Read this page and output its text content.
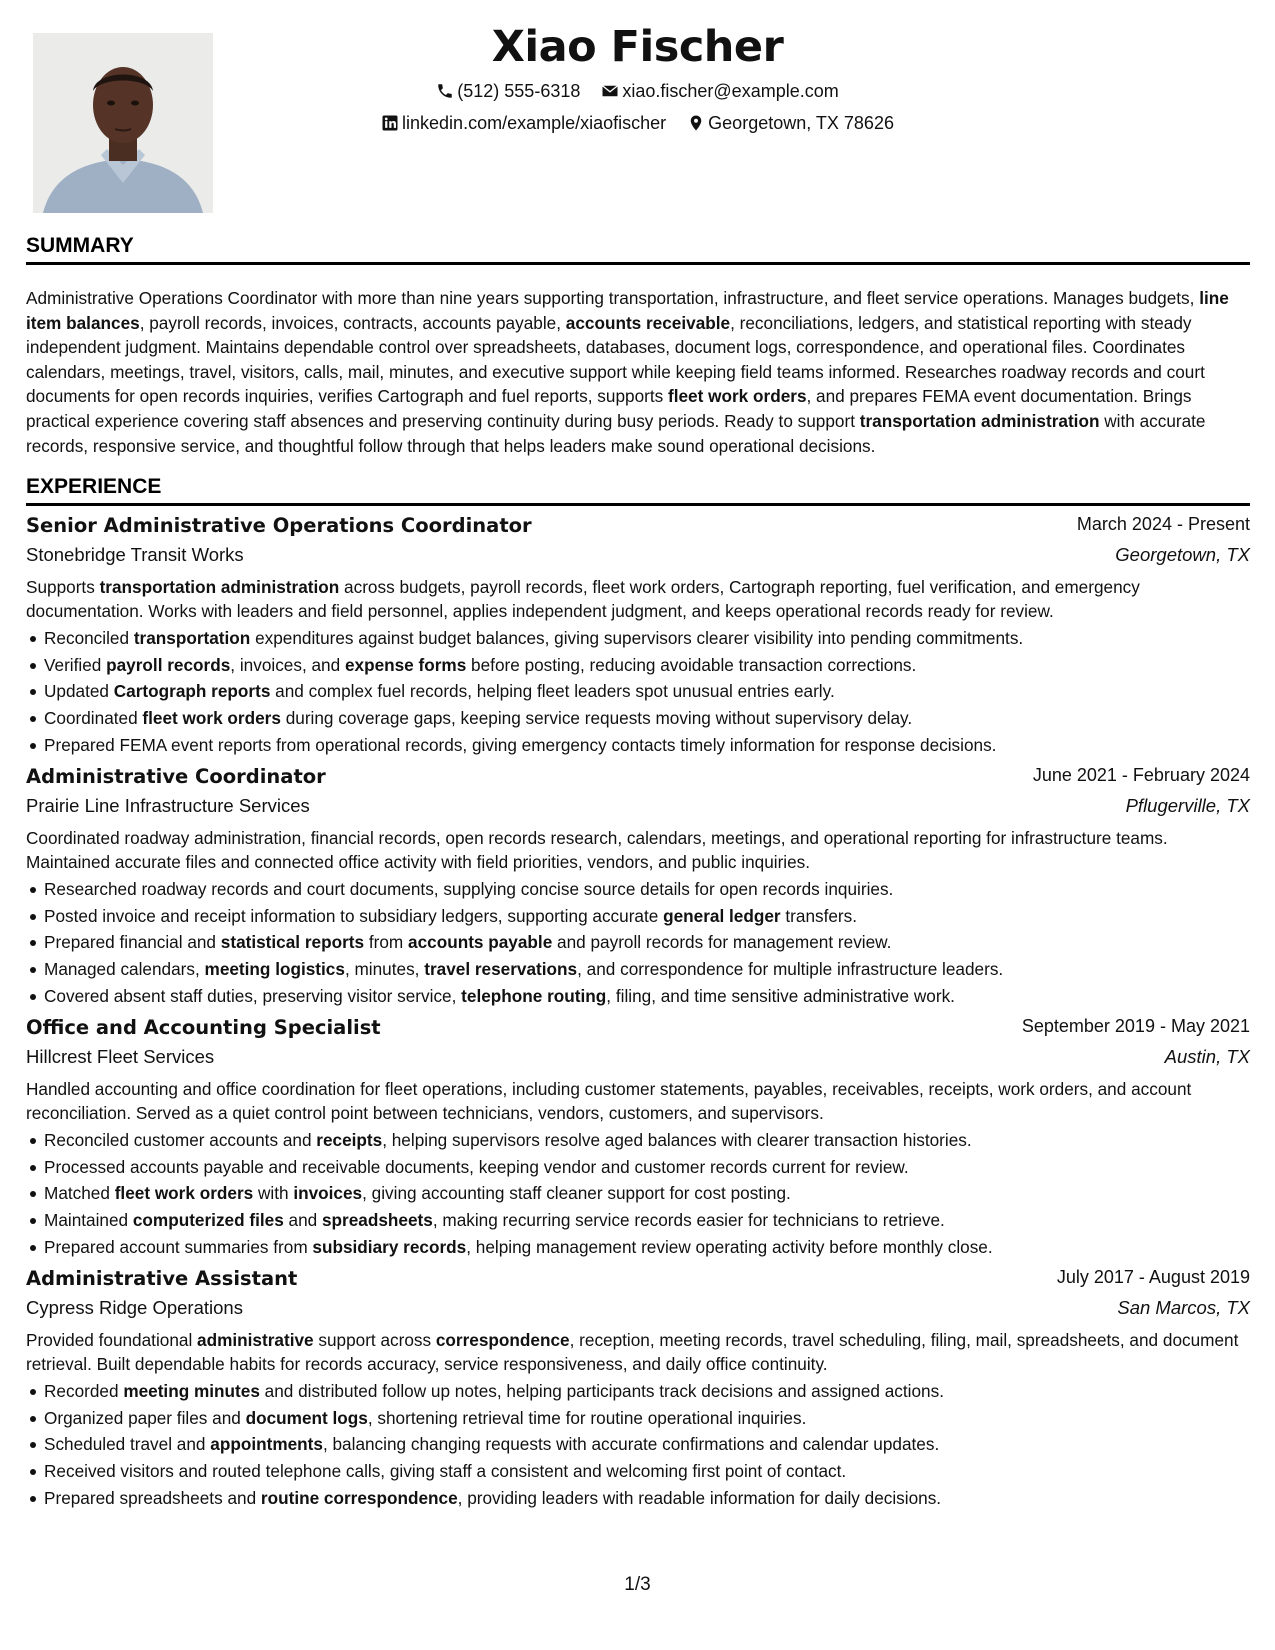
Xiao Fischer
(512) 555-6318 xiao.fischer@example.com
linkedin.com/example/xiaofischer Georgetown, TX 78626
SUMMARY
Administrative Operations Coordinator with more than nine years supporting transportation, infrastructure, and fleet service operations. Manages budgets, line item balances, payroll records, invoices, contracts, accounts payable, accounts receivable, reconciliations, ledgers, and statistical reporting with steady independent judgment. Maintains dependable control over spreadsheets, databases, document logs, correspondence, and operational files. Coordinates calendars, meetings, travel, visitors, calls, mail, minutes, and executive support while keeping field teams informed. Researches roadway records and court documents for open records inquiries, verifies Cartograph and fuel reports, supports fleet work orders, and prepares FEMA event documentation. Brings practical experience covering staff absences and preserving continuity during busy periods. Ready to support transportation administration with accurate records, responsive service, and thoughtful follow through that helps leaders make sound operational decisions.
EXPERIENCE
Senior Administrative Operations Coordinator	March 2024 - Present
Stonebridge Transit Works	Georgetown, TX
Supports transportation administration across budgets, payroll records, fleet work orders, Cartograph reporting, fuel verification, and emergency documentation. Works with leaders and field personnel, applies independent judgment, and keeps operational records ready for review.
Reconciled transportation expenditures against budget balances, giving supervisors clearer visibility into pending commitments.
Verified payroll records, invoices, and expense forms before posting, reducing avoidable transaction corrections.
Updated Cartograph reports and complex fuel records, helping fleet leaders spot unusual entries early.
Coordinated fleet work orders during coverage gaps, keeping service requests moving without supervisory delay.
Prepared FEMA event reports from operational records, giving emergency contacts timely information for response decisions.
Administrative Coordinator	June 2021 - February 2024
Prairie Line Infrastructure Services	Pflugerville, TX
Coordinated roadway administration, financial records, open records research, calendars, meetings, and operational reporting for infrastructure teams. Maintained accurate files and connected office activity with field priorities, vendors, and public inquiries.
Researched roadway records and court documents, supplying concise source details for open records inquiries.
Posted invoice and receipt information to subsidiary ledgers, supporting accurate general ledger transfers.
Prepared financial and statistical reports from accounts payable and payroll records for management review.
Managed calendars, meeting logistics, minutes, travel reservations, and correspondence for multiple infrastructure leaders.
Covered absent staff duties, preserving visitor service, telephone routing, filing, and time sensitive administrative work.
Office and Accounting Specialist	September 2019 - May 2021
Hillcrest Fleet Services	Austin, TX
Handled accounting and office coordination for fleet operations, including customer statements, payables, receivables, receipts, work orders, and account reconciliation. Served as a quiet control point between technicians, vendors, customers, and supervisors.
Reconciled customer accounts and receipts, helping supervisors resolve aged balances with clearer transaction histories.
Processed accounts payable and receivable documents, keeping vendor and customer records current for review.
Matched fleet work orders with invoices, giving accounting staff cleaner support for cost posting.
Maintained computerized files and spreadsheets, making recurring service records easier for technicians to retrieve.
Prepared account summaries from subsidiary records, helping management review operating activity before monthly close.
Administrative Assistant	July 2017 - August 2019
Cypress Ridge Operations	San Marcos, TX
Provided foundational administrative support across correspondence, reception, meeting records, travel scheduling, filing, mail, spreadsheets, and document retrieval. Built dependable habits for records accuracy, service responsiveness, and daily office continuity.
Recorded meeting minutes and distributed follow up notes, helping participants track decisions and assigned actions.
Organized paper files and document logs, shortening retrieval time for routine operational inquiries.
Scheduled travel and appointments, balancing changing requests with accurate confirmations and calendar updates.
Received visitors and routed telephone calls, giving staff a consistent and welcoming first point of contact.
Prepared spreadsheets and routine correspondence, providing leaders with readable information for daily decisions.
1/3
